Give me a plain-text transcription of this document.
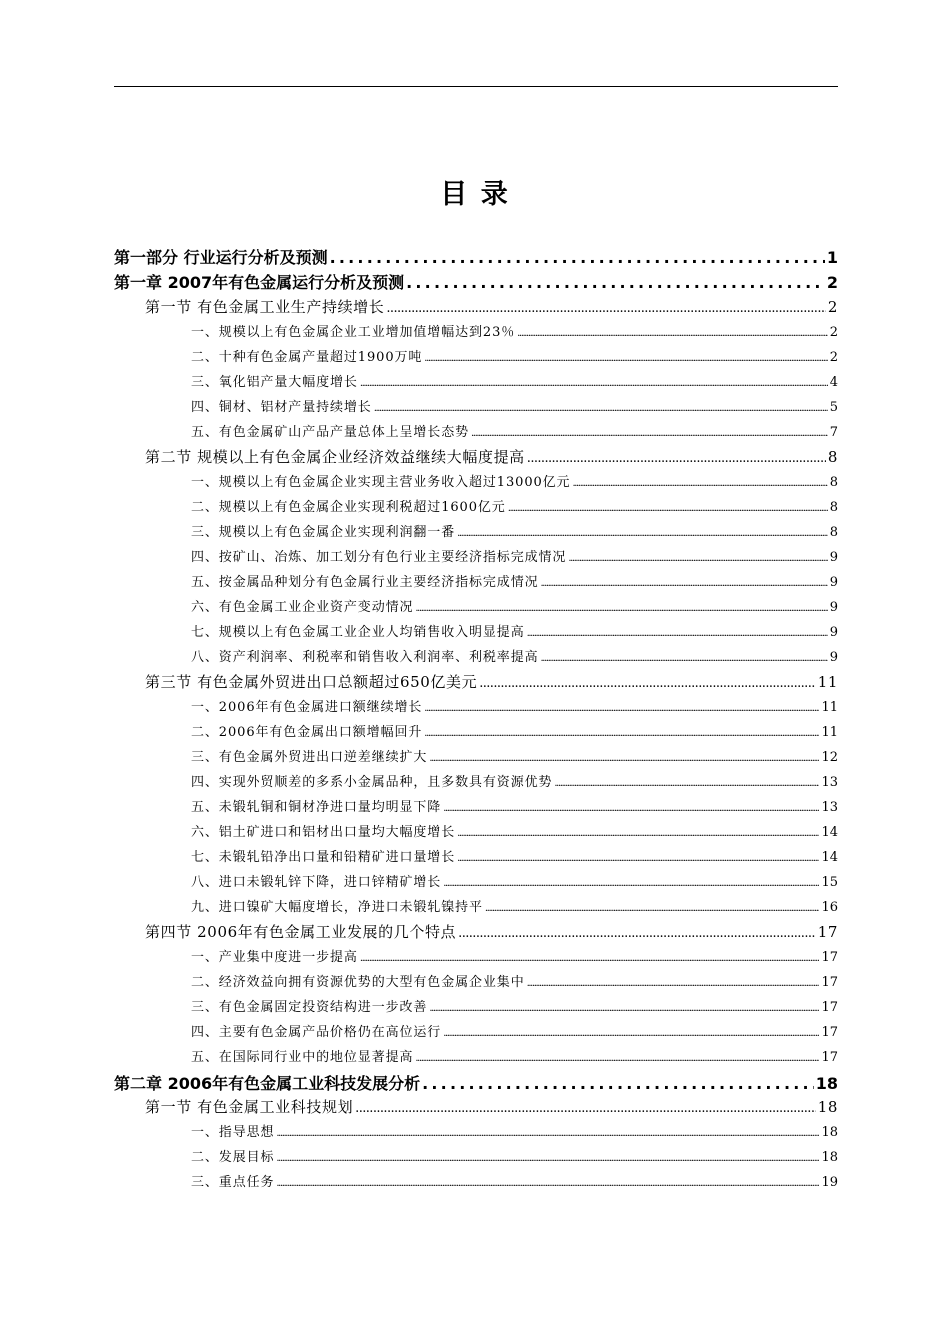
目 录
第一部分 行业运行分析及预测 .....	1
第一章 2007年有色金属运行分析及预测 .....	2
第一节 有色金属工业生产持续增长 .....	2
一、规模以上有色金属企业工业增加值增幅达到23％ .....	2
二、十种有色金属产量超过1900万吨 .....	2
三、氧化铝产量大幅度增长 .....	4
四、铜材、铝材产量持续增长 .....	5
五、有色金属矿山产品产量总体上呈增长态势 .....	7
第二节 规模以上有色金属企业经济效益继续大幅度提高 .....	8
一、规模以上有色金属企业实现主营业务收入超过13000亿元 .....	8
二、规模以上有色金属企业实现利税超过1600亿元 .....	8
三、规模以上有色金属企业实现利润翻一番 .....	8
四、按矿山、冶炼、加工划分有色行业主要经济指标完成情况 .....	9
五、按金属品种划分有色金属行业主要经济指标完成情况 .....	9
六、有色金属工业企业资产变动情况 .....	9
七、规模以上有色金属工业企业人均销售收入明显提高 .....	9
八、资产利润率、利税率和销售收入利润率、利税率提高 .....	9
第三节 有色金属外贸进出口总额超过650亿美元 .....	11
一、2006年有色金属进口额继续增长 .....	11
二、2006年有色金属出口额增幅回升 .....	11
三、有色金属外贸进出口逆差继续扩大 .....	12
四、实现外贸顺差的多系小金属品种，且多数具有资源优势 .....	13
五、未锻轧铜和铜材净进口量均明显下降 .....	13
六、铝土矿进口和铝材出口量均大幅度增长 .....	14
七、未锻轧铅净出口量和铅精矿进口量增长 .....	14
八、进口未锻轧锌下降，进口锌精矿增长 .....	15
九、进口镍矿大幅度增长，净进口未锻轧镍持平 .....	16
第四节 2006年有色金属工业发展的几个特点 .....	17
一、产业集中度进一步提高 .....	17
二、经济效益向拥有资源优势的大型有色金属企业集中 .....	17
三、有色金属固定投资结构进一步改善 .....	17
四、主要有色金属产品价格仍在高位运行 .....	17
五、在国际同行业中的地位显著提高 .....	17
第二章 2006年有色金属工业科技发展分析 .....	18
第一节 有色金属工业科技规划 .....	18
一、指导思想 .....	18
二、发展目标 .....	18
三、重点任务 .....	19
